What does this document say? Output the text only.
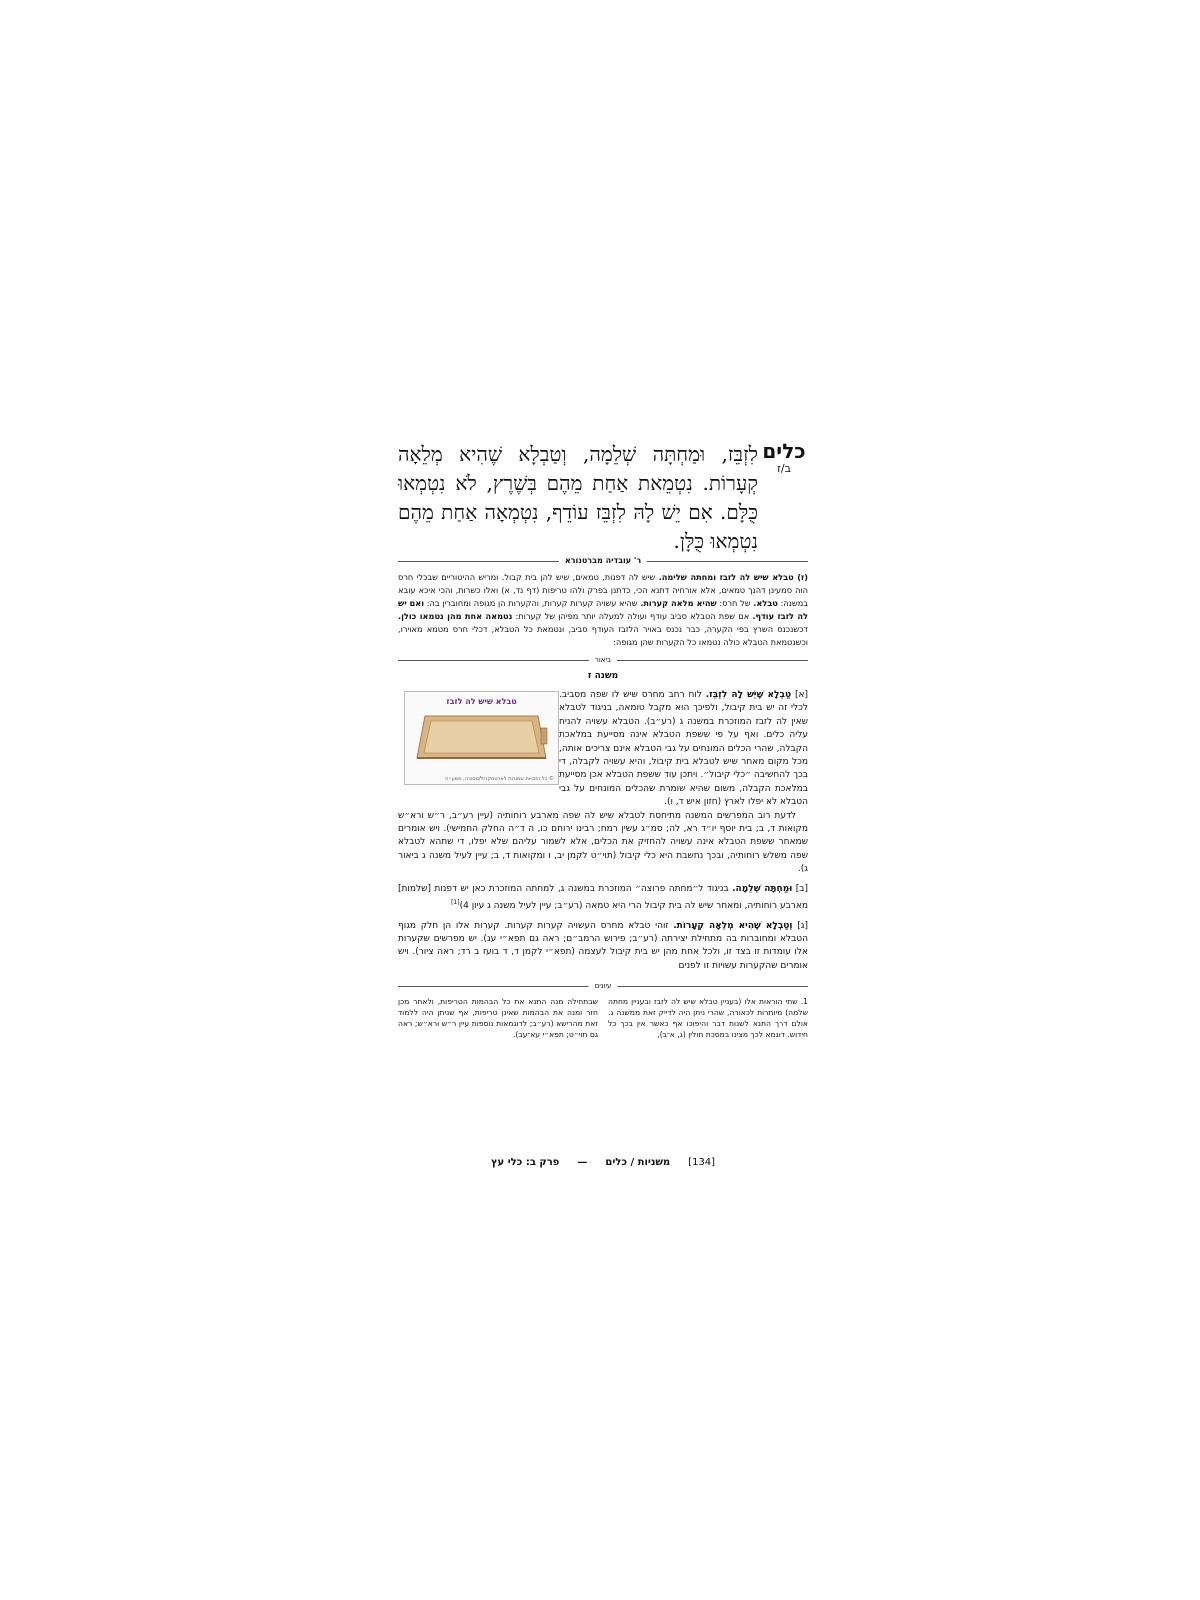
כלים
ב/ז
לִזְבֵּז, וּמַחְתָּה שְׁלֵמָה, וְטַבְלָא שֶׁהִיא מְלֵאָה קְעָרוֹת. נִטְמֵאת אַחַת מֵהֶם בְּשֶׁרֶץ, לֹא נִטְמְאוּ כֻּלָּם. אִם יֵשׁ לָהּ לִזְבֵּז עוֹדֵף, נִטְמְאָה אַחַת מֵהֶם נִטְמְאוּ כֻּלָּן.
ר' עובדיה מברטנורא
(ז) טבלא שיש לה לזבז ומחתה שלימה. שיש לה דפנות, טמאים, שיש להן בית קבול. ומריש ההיטוריים שבכלי חרס הוה סמעינן דהנך טמאים, אלא אורחיה דתנא הכי, כדתנן בפרק ולהו טריפות (דף נד, א) ואלו כשרות, והכי איכא עובא במשנה: טבלא. של חרס: שהיא מלאה קערות. שהיא עשויה קערות קערות, והקערות הן מגופה ומחוברין בה: ואם יש לה לזבז עודף. אם שפת הטבלא סביב עודף ועולה למעלה יותר מפיהן של קערות: נטמאה אחת מהן נטמאו כולן. דכשנכנס השרץ בפי הקערה, כבר נכנס באויר הלזבז העודף סביב, ונטמאת כל הטבלא, דכלי חרס מטמא מאוירו, וכשנטמאת הטבלא כולה נטמאו כל הקערות שהן מגופה:
ביאור
משנה ז
טבלא שיש לה לזבז
© כל הזכויות שמורות לארטסקרול/מסורה, תשע״ה
[א] טַבְלָא שֶׁיֵּשׁ לָהּ לִזְבֵּז. לוח רחב מחרס שיש לו שפה מסביב. לכלי זה יש בית קיבול, ולפיכך הוא מקבל טומאה, בניגוד לטבלא שאין לה לזבז המוזכרת במשנה ג (רע״ב). הטבלא עשויה להניח עליה כלים. ואף על פי ששפת הטבלא אינה מסייעת במלאכת הקבלה, שהרי הכלים המונחים על גבי הטבלא אינם צריכים אותה, מכל מקום מאחר שיש לטבלא בית קיבול, והיא עשויה לקבלה, די בכך להחשיבה ״כלי קיבול״. ויתכן עוד ששפת הטבלא אכן מסייעת במלאכת הקבלה, משום שהיא שומרת שהכלים המונחים על גבי הטבלא לא יפלו לארץ (חזון איש ד, ו).
לדעת רוב המפרשים המשנה מתיחסת לטבלא שיש לה שפה מארבע רוחותיה (עיין רע״ב, ר״ש ורא״ש מקואות ד, ב; בית יוסף יו״ד רא, לה; סמ״ג עשין רמח; רבינו ירוחם כו, ה ד״ה החלק החמישי). ויש אומרים שמאחר ששפת הטבלא אינה עשויה להחזיק את הכלים, אלא לשמור עליהם שלא יפלו, די שתהא לטבלא שפה משלש רוחותיה, ובכך נחשבת היא כלי קיבול (תוי״ט לקמן יב, ו ומקואות ד, ב; עיין לעיל משנה ג ביאור ג).
[ב] וּמַחְתָּה שְׁלֵמָה. בניגוד ל״מחתה פרוצה״ המוזכרת במשנה ג, למחתה המוזכרת כאן יש דפנות [שלמות] מארבע רוחותיה, ומאחר שיש לה בית קיבול הרי היא טמאה (רע״ב; עיין לעיל משנה ג עיון 4)[1]
[ג] וְטַבְלָא שֶׁהִיא מְלֵאָה קְעָרוֹת. זוהי טבלא מחרס העשויה קערות קערות. קערות אלו הן חלק מגוף הטבלא ומחוברות בה מתחילת יצירתה (רע״ב; פירוש הרמב״ם; ראה גם תפא״י עג). יש מפרשים שקערות אלו עומדות זו בצד זו, ולכל אחת מהן יש בית קיבול לעצמה (תפא״י לקמן ד, ד בועז ב רד; ראה ציור). ויש אומרים שהקערות עשויות זו לפנים
עיונים
1. שתי הוראות אלו (בעניין טבלא שיש לה לזבז ובעניין מחתה שלמה) מיותרות לכאורה, שהרי ניתן היה לדייק זאת ממשנה ג. אולם דרך התנא לשנות דבר והיפוכו אף כאשר אין בכך כל חידוש. דוגמא לכך מצינו במסכת חולין (ג, א־ב),
שבתחילה מנה התנא את כל הבהמות הטריפות, ולאחר מכן חזר ומנה את הבהמות שאינן טריפות, אף שניתן היה ללמוד זאת מהרישא (רע״ב; לדוגמאות נוספות עיין ר״ש ורא״ש; ראה גם תוי״ט; תפא״י עא־עב).
[134]
משניות / כלים
—
פרק ב: כלי עץ
